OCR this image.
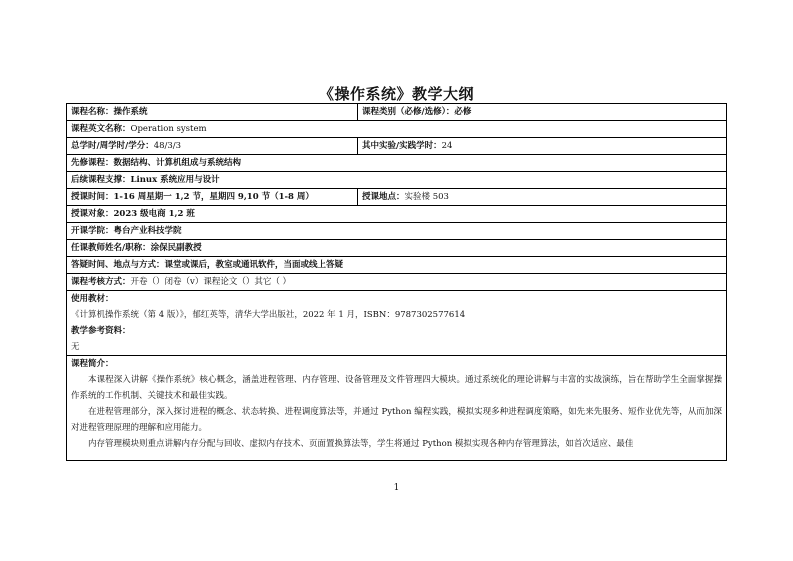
《操作系统》教学大纲
课程名称：操作系统	课程类别（必修/选修）：必修
课程英文名称：Operation system
总学时/周学时/学分：48/3/3	其中实验/实践学时：24
先修课程：数据结构、计算机组成与系统结构
后续课程支撑：Linux 系统应用与设计
授课时间：1-16 周星期一 1,2 节，星期四 9,10 节（1-8 周）	授课地点：实验楼 503
授课对象：2023 级电商 1,2 班
开课学院：粤台产业科技学院
任课教师姓名/职称：涂保民副教授
答疑时间、地点与方式：课堂或课后，教室或通讯软件，当面或线上答疑
课程考核方式：开卷（）闭卷（v）课程论文（）其它（ ）
使用教材：
《计算机操作系统（第 4 版）》，郁红英等，清华大学出版社，2022 年 1 月，ISBN：9787302577614
教学参考资料：
无
课程简介：
本课程深入讲解《操作系统》核心概念，涵盖进程管理、内存管理、设备管理及文件管理四大模块。通过系统化的理论讲解与丰富的实战演练，旨在帮助学生全面掌握操作系统的工作机制、关键技术和最佳实践。
在进程管理部分，深入探讨进程的概念、状态转换、进程调度算法等，并通过 Python 编程实践，模拟实现多种进程调度策略，如先来先服务、短作业优先等，从而加深对进程管理原理的理解和应用能力。
内存管理模块则重点讲解内存分配与回收、虚拟内存技术、页面置换算法等，学生将通过 Python 模拟实现各种内存管理算法，如首次适应、最佳
1
